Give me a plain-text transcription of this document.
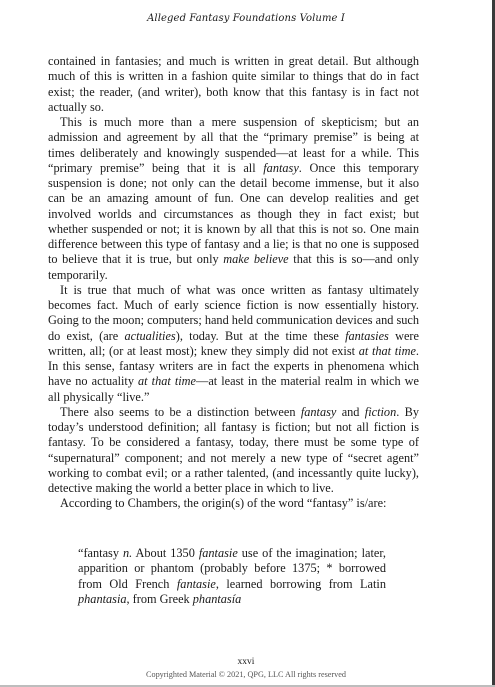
Alleged Fantasy Foundations Volume I

contained in fantasies; and much is written in great detail. But although much of this is written in a fashion quite similar to things that do in fact exist; the reader, (and writer), both know that this fantasy is in fact not actually so.

This is much more than a mere suspension of skepticism; but an admission and agreement by all that the “primary premise” is being at times deliberately and knowingly suspended—at least for a while. This “primary premise” being that it is all fantasy. Once this temporary suspension is done; not only can the detail become immense, but it also can be an amazing amount of fun. One can develop realities and get involved worlds and circumstances as though they in fact exist; but whether suspended or not; it is known by all that this is not so. One main difference between this type of fantasy and a lie; is that no one is supposed to believe that it is true, but only make believe that this is so—and only temporarily.

It is true that much of what was once written as fantasy ultimately becomes fact. Much of early science fiction is now essentially history. Going to the moon; computers; hand held communication devices and such do exist, (are actualities), today. But at the time these fantasies were written, all; (or at least most); knew they simply did not exist at that time. In this sense, fantasy writers are in fact the experts in phenomena which have no actuality at that time—at least in the material realm in which we all physically “live.”

There also seems to be a distinction between fantasy and fiction. By today’s understood definition; all fantasy is fiction; but not all fiction is fantasy. To be considered a fantasy, today, there must be some type of “supernatural” component; and not merely a new type of “secret agent” working to combat evil; or a rather talented, (and incessantly quite lucky), detective making the world a better place in which to live.

According to Chambers, the origin(s) of the word “fantasy” is/are:

“fantasy n. About 1350 fantasie use of the imagination; later, apparition or phantom (probably before 1375; * borrowed from Old French fantasie, learned borrowing from Latin phantasia, from Greek phantasía
xxvi
Copyrighted Material © 2021, QPG, LLC All rights reserved
